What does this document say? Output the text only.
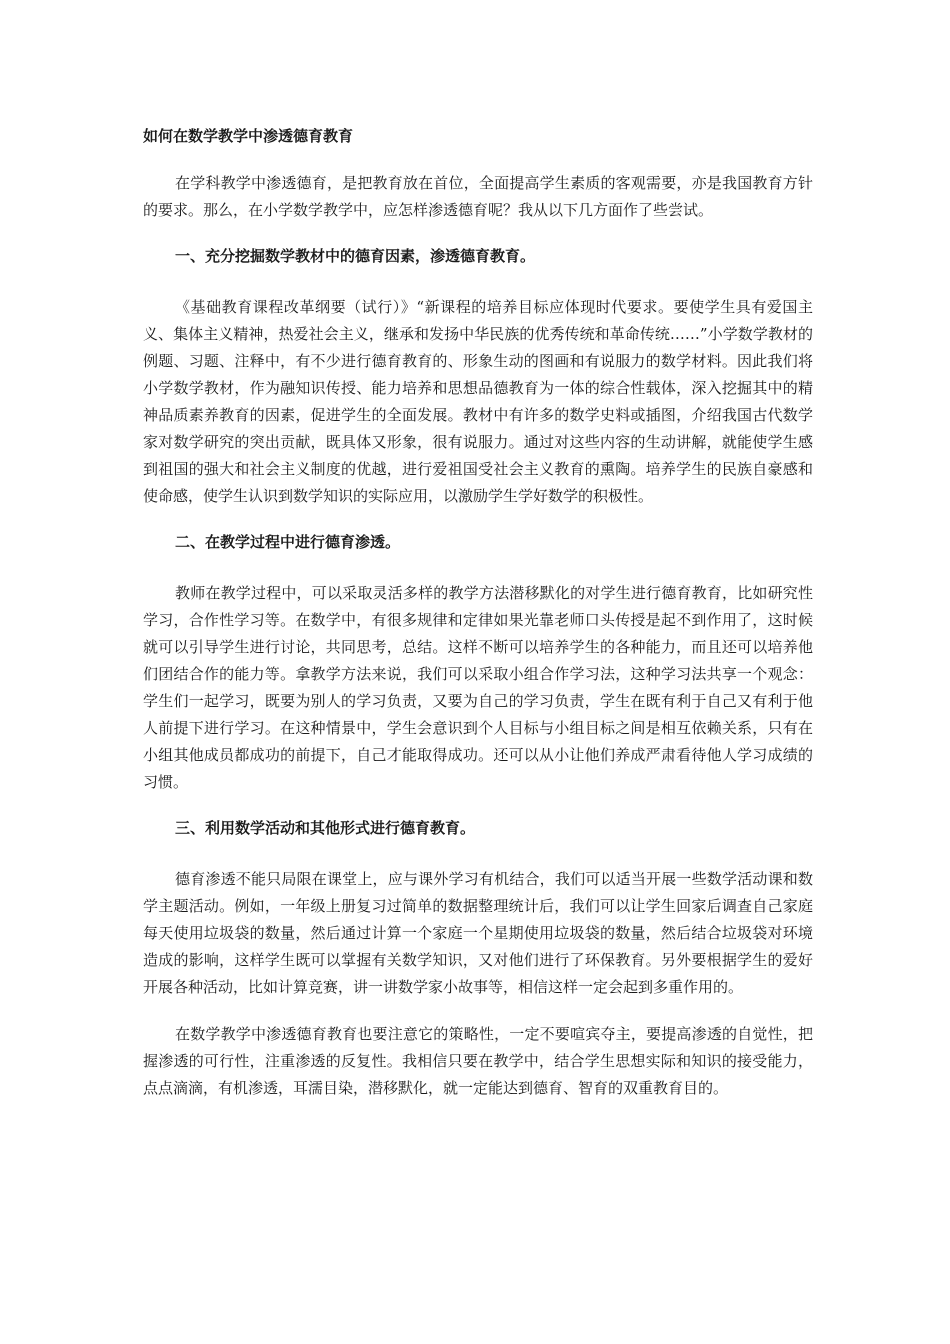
如何在数学教学中渗透德育教育

在学科教学中渗透德育，是把教育放在首位，全面提高学生素质的客观需要，亦是我国教育方针的要求。那么，在小学数学教学中，应怎样渗透德育呢？我从以下几方面作了些尝试。

一、充分挖掘数学教材中的德育因素，渗透德育教育。

《基础教育课程改革纲要（试行）》“新课程的培养目标应体现时代要求。要使学生具有爱国主义、集体主义精神，热爱社会主义，继承和发扬中华民族的优秀传统和革命传统……”小学数学教材的例题、习题、注释中，有不少进行德育教育的、形象生动的图画和有说服力的数学材料。因此我们将小学数学教材，作为融知识传授、能力培养和思想品德教育为一体的综合性载体，深入挖掘其中的精神品质素养教育的因素，促进学生的全面发展。教材中有许多的数学史料或插图，介绍我国古代数学家对数学研究的突出贡献，既具体又形象，很有说服力。通过对这些内容的生动讲解，就能使学生感到祖国的强大和社会主义制度的优越，进行爱祖国受社会主义教育的熏陶。培养学生的民族自豪感和使命感，使学生认识到数学知识的实际应用，以激励学生学好数学的积极性。

二、在教学过程中进行德育渗透。

教师在教学过程中，可以采取灵活多样的教学方法潜移默化的对学生进行德育教育，比如研究性学习，合作性学习等。在数学中，有很多规律和定律如果光靠老师口头传授是起不到作用了，这时候就可以引导学生进行讨论，共同思考，总结。这样不断可以培养学生的各种能力，而且还可以培养他们团结合作的能力等。拿教学方法来说，我们可以采取小组合作学习法，这种学习法共享一个观念：学生们一起学习，既要为别人的学习负责，又要为自己的学习负责，学生在既有利于自己又有利于他人前提下进行学习。在这种情景中，学生会意识到个人目标与小组目标之间是相互依赖关系，只有在小组其他成员都成功的前提下，自己才能取得成功。还可以从小让他们养成严肃看待他人学习成绩的习惯。

三、利用数学活动和其他形式进行德育教育。

德育渗透不能只局限在课堂上，应与课外学习有机结合，我们可以适当开展一些数学活动课和数学主题活动。例如，一年级上册复习过简单的数据整理统计后，我们可以让学生回家后调查自己家庭每天使用垃圾袋的数量，然后通过计算一个家庭一个星期使用垃圾袋的数量，然后结合垃圾袋对环境造成的影响，这样学生既可以掌握有关数学知识，又对他们进行了环保教育。另外要根据学生的爱好开展各种活动，比如计算竞赛，讲一讲数学家小故事等，相信这样一定会起到多重作用的。

在数学教学中渗透德育教育也要注意它的策略性，一定不要喧宾夺主，要提高渗透的自觉性，把握渗透的可行性，注重渗透的反复性。我相信只要在教学中，结合学生思想实际和知识的接受能力，点点滴滴，有机渗透，耳濡目染，潜移默化，就一定能达到德育、智育的双重教育目的。
